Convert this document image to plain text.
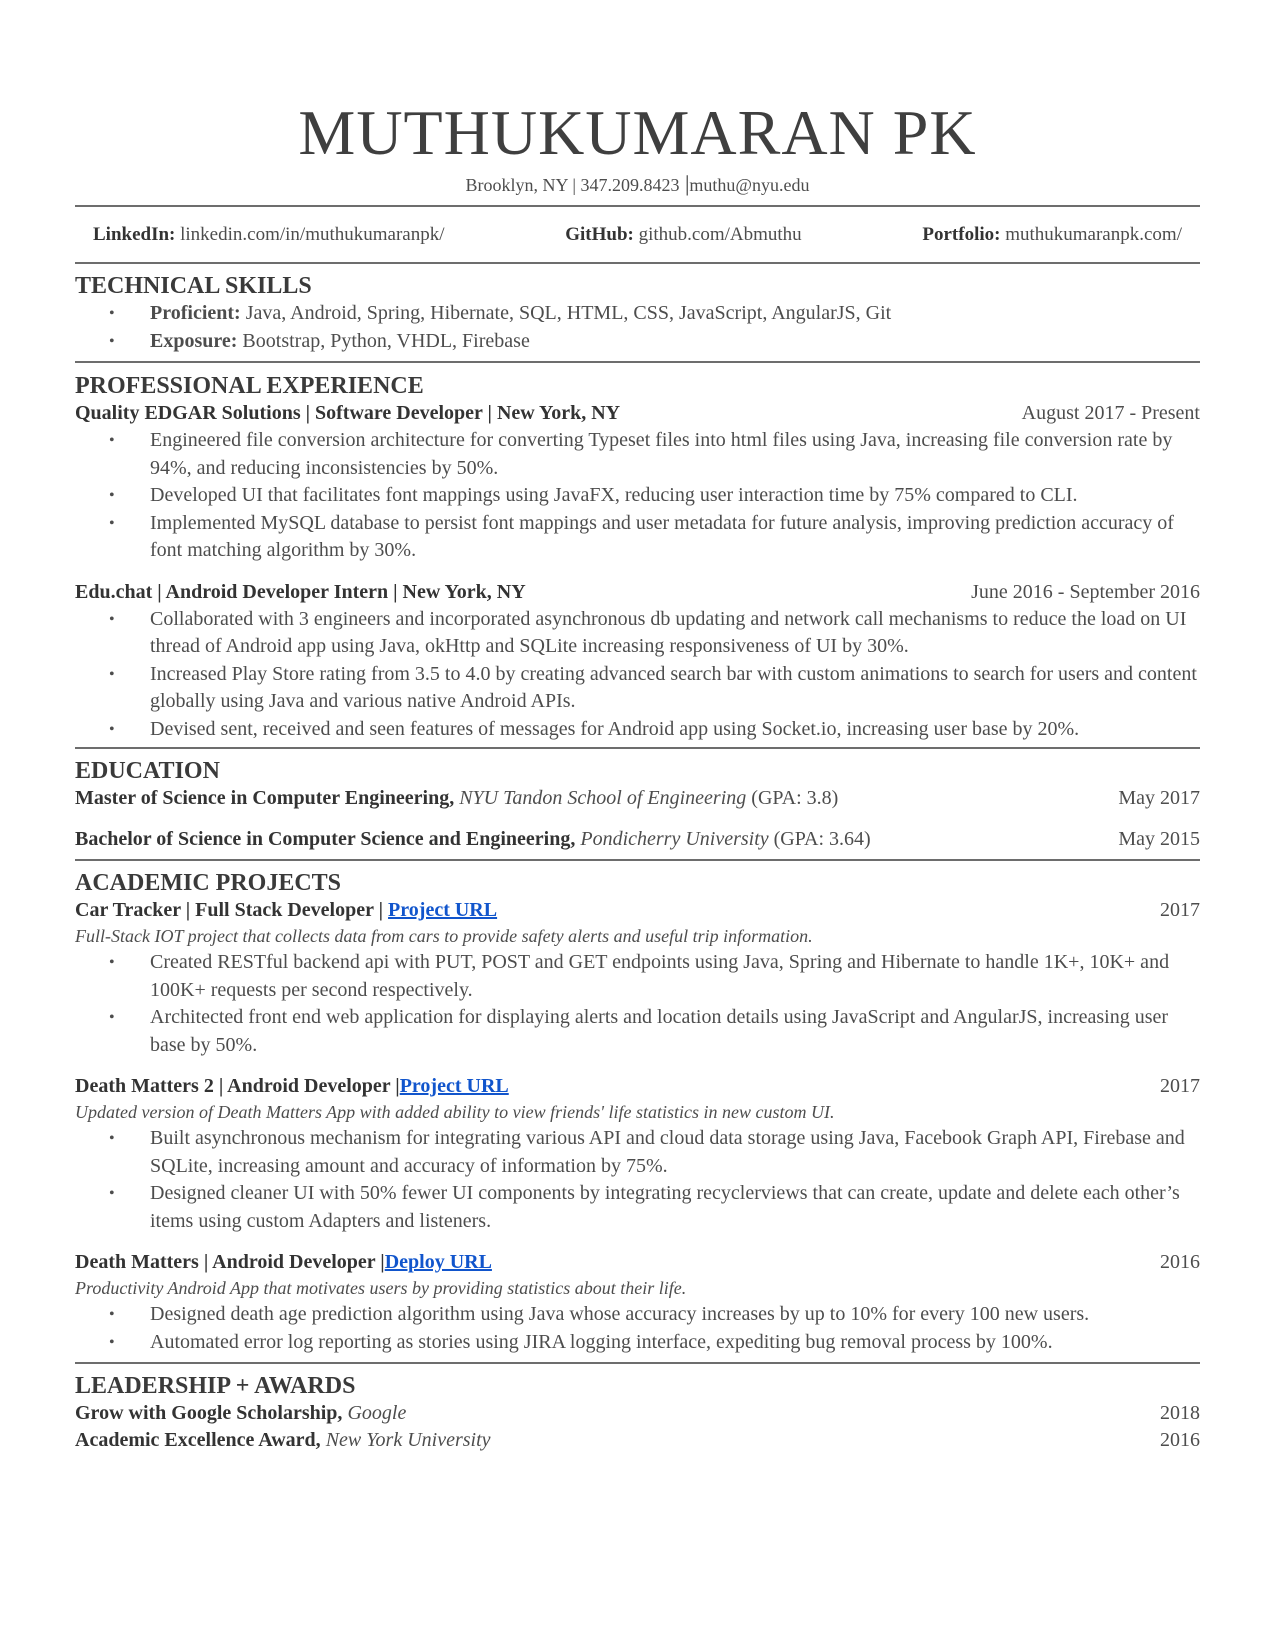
MUTHUKUMARAN PK
Brooklyn, NY | 347.209.8423 |muthu@nyu.edu
LinkedIn: linkedin.com/in/muthukumaranpk/	GitHub: github.com/Abmuthu	Portfolio: muthukumaranpk.com/
TECHNICAL SKILLS
• Proficient: Java, Android, Spring, Hibernate, SQL, HTML, CSS, JavaScript, AngularJS, Git
• Exposure: Bootstrap, Python, VHDL, Firebase
PROFESSIONAL EXPERIENCE
Quality EDGAR Solutions | Software Developer | New York, NY	August 2017 - Present
• Engineered file conversion architecture for converting Typeset files into html files using Java, increasing file conversion rate by 94%, and reducing inconsistencies by 50%.
• Developed UI that facilitates font mappings using JavaFX, reducing user interaction time by 75% compared to CLI.
• Implemented MySQL database to persist font mappings and user metadata for future analysis, improving prediction accuracy of font matching algorithm by 30%.
Edu.chat | Android Developer Intern | New York, NY	June 2016 - September 2016
• Collaborated with 3 engineers and incorporated asynchronous db updating and network call mechanisms to reduce the load on UI thread of Android app using Java, okHttp and SQLite increasing responsiveness of UI by 30%.
• Increased Play Store rating from 3.5 to 4.0 by creating advanced search bar with custom animations to search for users and content globally using Java and various native Android APIs.
• Devised sent, received and seen features of messages for Android app using Socket.io, increasing user base by 20%.
EDUCATION
Master of Science in Computer Engineering, NYU Tandon School of Engineering (GPA: 3.8)	May 2017
Bachelor of Science in Computer Science and Engineering, Pondicherry University (GPA: 3.64)	May 2015
ACADEMIC PROJECTS
Car Tracker | Full Stack Developer | Project URL	2017
Full-Stack IOT project that collects data from cars to provide safety alerts and useful trip information.
• Created RESTful backend api with PUT, POST and GET endpoints using Java, Spring and Hibernate to handle 1K+, 10K+ and 100K+ requests per second respectively.
• Architected front end web application for displaying alerts and location details using JavaScript and AngularJS, increasing user base by 50%.
Death Matters 2 | Android Developer |Project URL	2017
Updated version of Death Matters App with added ability to view friends' life statistics in new custom UI.
• Built asynchronous mechanism for integrating various API and cloud data storage using Java, Facebook Graph API, Firebase and SQLite, increasing amount and accuracy of information by 75%.
• Designed cleaner UI with 50% fewer UI components by integrating recyclerviews that can create, update and delete each other’s items using custom Adapters and listeners.
Death Matters | Android Developer |Deploy URL	2016
Productivity Android App that motivates users by providing statistics about their life.
• Designed death age prediction algorithm using Java whose accuracy increases by up to 10% for every 100 new users.
• Automated error log reporting as stories using JIRA logging interface, expediting bug removal process by 100%.
LEADERSHIP + AWARDS
Grow with Google Scholarship, Google	2018
Academic Excellence Award, New York University	2016
